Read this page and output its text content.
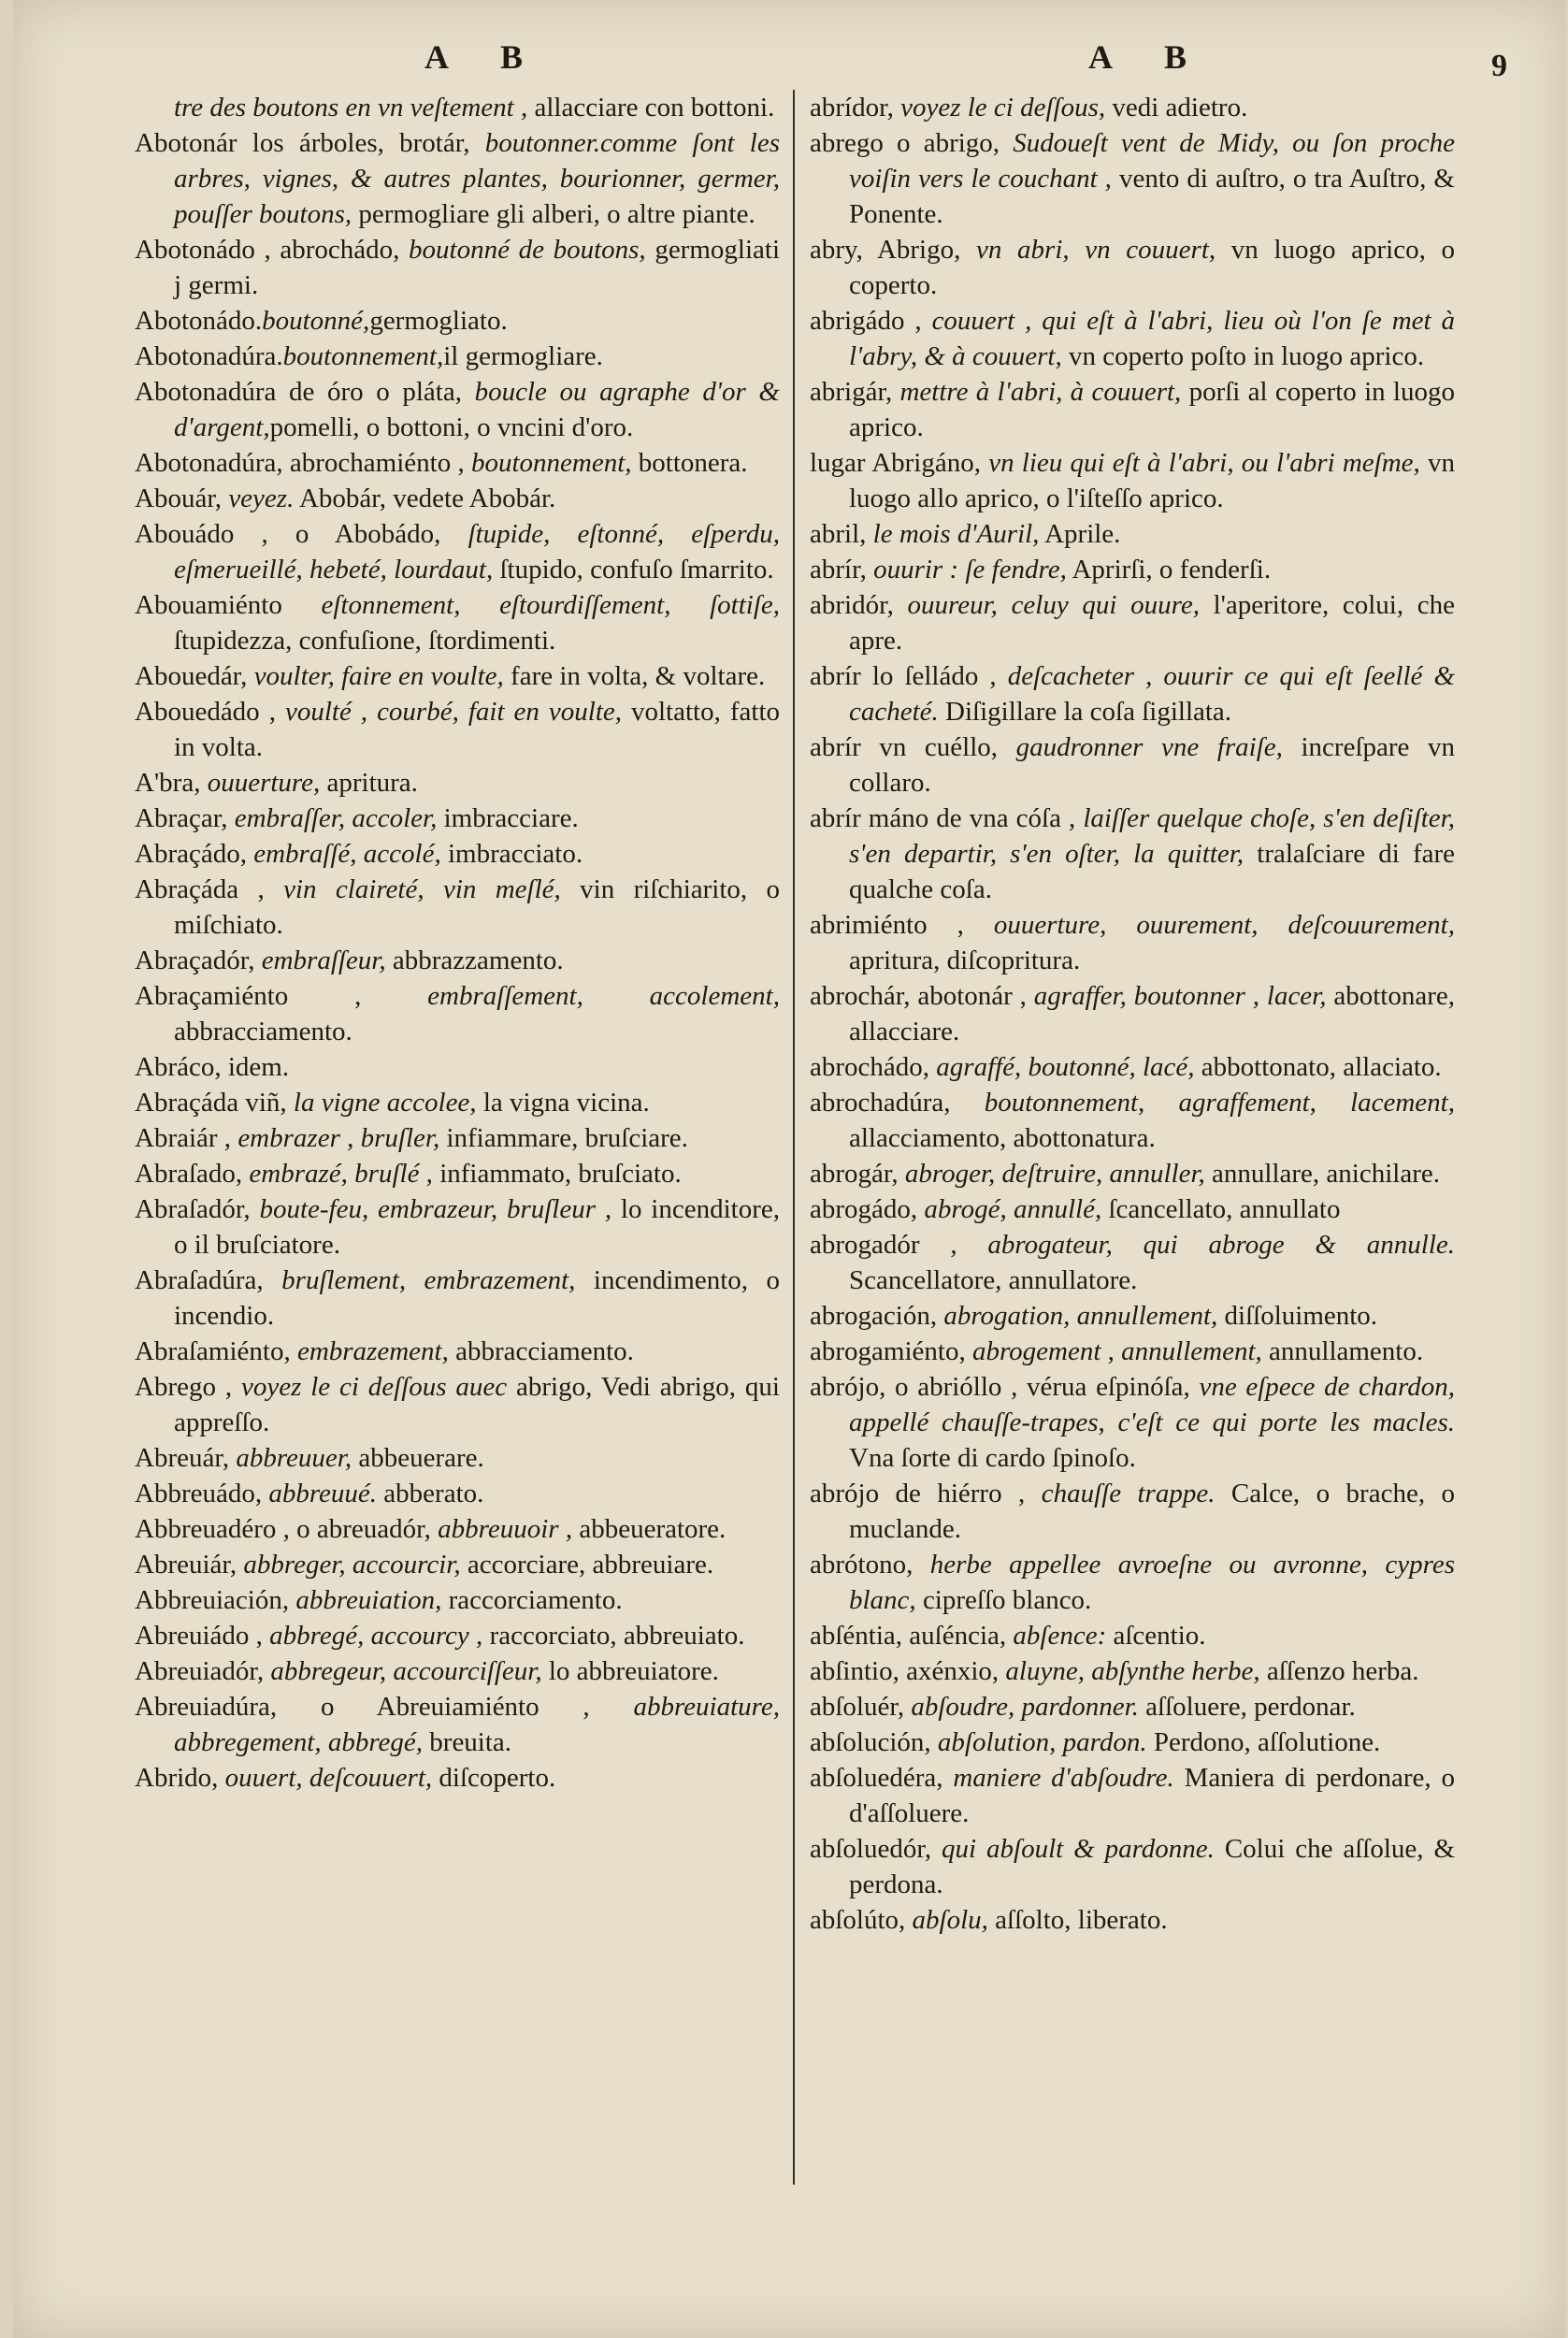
A B	A B	9

tre des boutons en vn veſtement , allacciare con bottoni.

Abotonár los árboles, brotár, boutonner.comme ſont les arbres, vignes, & autres plantes, bourionner, germer, pouſſer boutons, permogliare gli alberi, o altre piante.

Abotonádo , abrochádo, boutonné de boutons, germogliati j germi.

Abotonádo.boutonné,germogliato.

Abotonadúra.boutonnement,il germogliare.

Abotonadúra de óro o pláta, boucle ou agraphe d'or & d'argent,pomelli, o bottoni, o vncini d'oro.

Abotonadúra, abrochamiénto , boutonnement, bottonera.

Abouár, veyez. Abobár, vedete Abobár.

Abouádo , o Abobádo, ſtupide, eſtonné, eſperdu, eſmerueillé, hebeté, lourdaut, ſtupido, confuſo ſmarrito.

Abouamiénto eſtonnement, eſtourdiſſement, ſottiſe, ſtupidezza, confuſione, ſtordimenti.

Abouedár, voulter, faire en voulte, fare in volta, & voltare.

Abouedádo , voulté , courbé, fait en voulte, voltatto, fatto in volta.

A'bra, ouuerture, apritura.

Abraçar, embraſſer, accoler, imbracciare.

Abraçádo, embraſſé, accolé, imbracciato.

Abraçáda , vin claireté, vin meſlé, vin riſchiarito, o miſchiato.

Abraçadór, embraſſeur, abbrazzamento.

Abraçamiénto , embraſſement, accolement, abbracciamento.

Abráco, idem.

Abraçáda viñ, la vigne accolee, la vigna vicina.

Abraiár , embrazer , bruſler, infiammare, bruſciare.

Abraſado, embrazé, bruſlé , infiammato, bruſciato.

Abraſadór, boute-feu, embrazeur, bruſleur , lo incenditore, o il bruſciatore.

Abraſadúra, bruſlement, embrazement, incendimento, o incendio.

Abraſamiénto, embrazement, abbracciamento.

Abrego , voyez le ci deſſous auec abrigo, Vedi abrigo, qui appreſſo.

Abreuár, abbreuuer, abbeuerare.

Abbreuádo, abbreuué. abberato.

Abbreuadéro , o abreuadór, abbreuuoir , abbeueratore.

Abreuiár, abbreger, accourcir, accorciare, abbreuiare.

Abbreuiación, abbreuiation, raccorciamento.

Abreuiádo , abbregé, accourcy , raccorciato, abbreuiato.

Abreuiadór, abbregeur, accourciſſeur, lo abbreuiatore.

Abreuiadúra, o Abreuiamiénto , abbreuiature, abbregement, abbregé, breuita.

Abrido, ouuert, deſcouuert, diſcoperto.

abrídor, voyez le ci deſſous, vedi adietro.

abrego o abrigo, Sudoueſt vent de Midy, ou ſon proche voiſin vers le couchant , vento di auſtro, o tra Auſtro, & Ponente.

abry, Abrigo, vn abri, vn couuert, vn luogo aprico, o coperto.

abrigádo , couuert , qui eſt à l'abri, lieu où l'on ſe met à l'abry, & à couuert, vn coperto poſto in luogo aprico.

abrigár, mettre à l'abri, à couuert, porſi al coperto in luogo aprico.

lugar Abrigáno, vn lieu qui eſt à l'abri, ou l'abri meſme, vn luogo allo aprico, o l'iſteſſo aprico.

abril, le mois d'Auril, Aprile.

abrír, ouurir : ſe fendre, Aprirſi, o fenderſi.

abridór, ouureur, celuy qui ouure, l'aperitore, colui, che apre.

abrír lo ſelládo , deſcacheter , ouurir ce qui eſt ſeellé & cacheté. Diſigillare la coſa ſigillata.

abrír vn cuéllo, gaudronner vne fraiſe, increſpare vn collaro.

abrír máno de vna cóſa , laiſſer quelque choſe, s'en deſiſter, s'en departir, s'en oſter, la quitter, tralaſciare di fare qualche coſa.

abrimiénto , ouuerture, ouurement, deſcouurement, apritura, diſcopritura.

abrochár, abotonár , agraffer, boutonner , lacer, abottonare, allacciare.

abrochádo, agraffé, boutonné, lacé, abbottonato, allaciato.

abrochadúra, boutonnement, agraffement, lacement, allacciamento, abottonatura.

abrogár, abroger, deſtruire, annuller, annullare, anichilare.

abrogádo, abrogé, annullé, ſcancellato, annullato

abrogadór , abrogateur, qui abroge & annulle. Scancellatore, annullatore.

abrogación, abrogation, annullement, diſſoluimento.

abrogamiénto, abrogement , annullement, annullamento.

abrójo, o abrióllo , vérua eſpinóſa, vne eſpece de chardon, appellé chauſſe-trapes, c'eſt ce qui porte les macles. Vna ſorte di cardo ſpinoſo.

abrójo de hiérro , chauſſe trappe. Calce, o brache, o muclande.

abrótono, herbe appellee avroeſne ou avronne, cypres blanc, cipreſſo blanco.

abſéntia, auſéncia, abſence: aſcentio.

abſintio, axénxio, aluyne, abſynthe herbe, aſſenzo herba.

abſoluér, abſoudre, pardonner. aſſoluere, perdonar.

abſolución, abſolution, pardon. Perdono, aſſolutione.

abſoluedéra, maniere d'abſoudre. Maniera di perdonare, o d'aſſoluere.

abſoluedór, qui abſoult & pardonne. Colui che aſſolue, & perdona.

abſolúto, abſolu, aſſolto, liberato.
